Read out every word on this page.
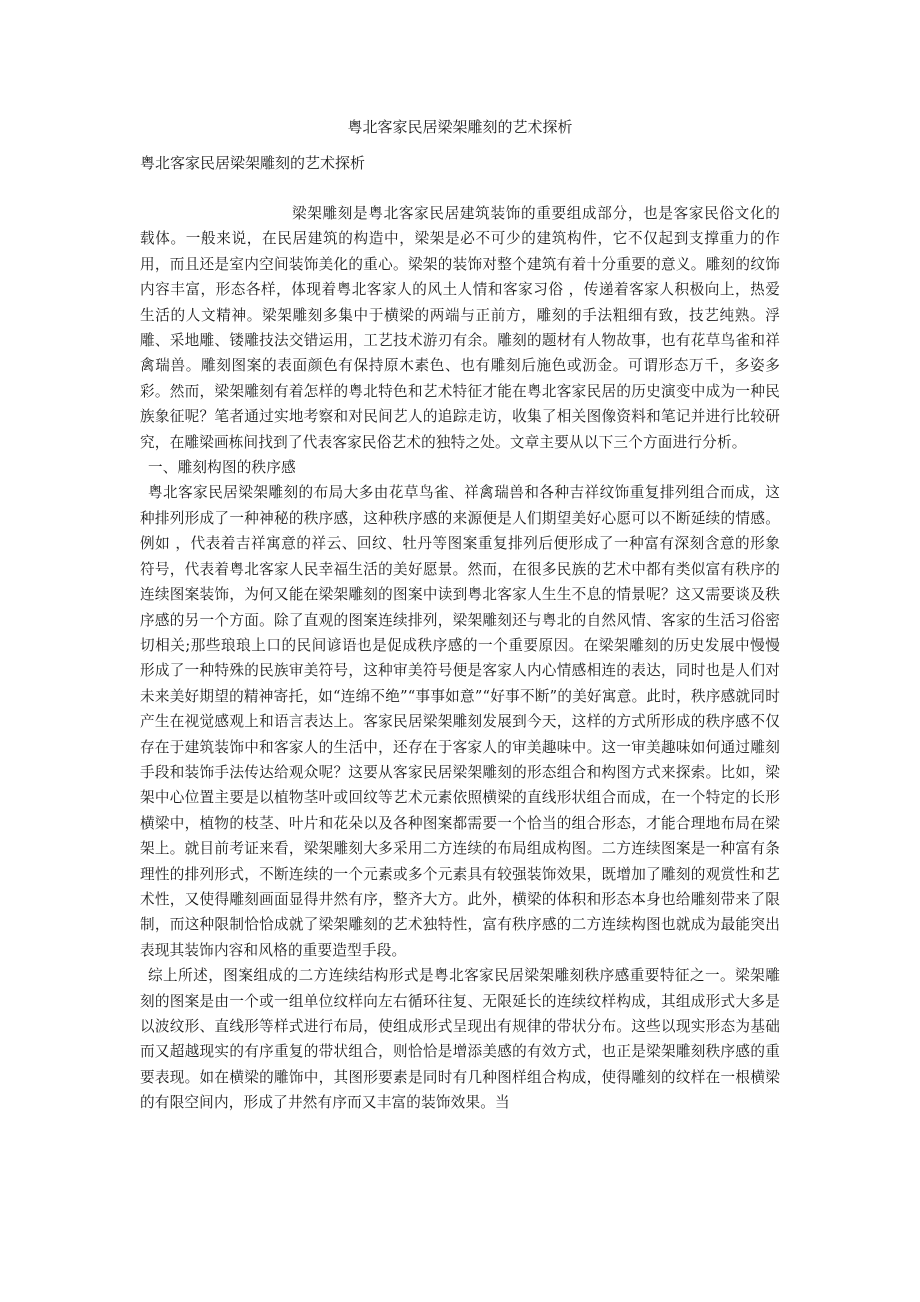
粤北客家民居梁架雕刻的艺术探析
粤北客家民居梁架雕刻的艺术探析

梁架雕刻是粤北客家民居建筑装饰的重要组成部分，也是客家民俗文化的载体。一般来说，在民居建筑的构造中，梁架是必不可少的建筑构件，它不仅起到支撑重力的作用，而且还是室内空间装饰美化的重心。梁架的装饰对整个建筑有着十分重要的意义。雕刻的纹饰内容丰富，形态各样，体现着粤北客家人的风土人情和客家习俗 ，传递着客家人积极向上，热爱生活的人文精神。梁架雕刻多集中于横梁的两端与正前方，雕刻的手法粗细有致，技艺纯熟。浮雕、采地雕、镂雕技法交错运用，工艺技术游刃有余。雕刻的题材有人物故事，也有花草鸟雀和祥禽瑞兽。雕刻图案的表面颜色有保持原木素色、也有雕刻后施色或沥金。可谓形态万千，多姿多彩。然而，梁架雕刻有着怎样的粤北特色和艺术特征才能在粤北客家民居的历史演变中成为一种民族象征呢？笔者通过实地考察和对民间艺人的追踪走访，收集了相关图像资料和笔记并进行比较研究，在雕梁画栋间找到了代表客家民俗艺术的独特之处。文章主要从以下三个方面进行分析。

一、雕刻构图的秩序感

粤北客家民居梁架雕刻的布局大多由花草鸟雀、祥禽瑞兽和各种吉祥纹饰重复排列组合而成，这种排列形成了一种神秘的秩序感，这种秩序感的来源便是人们期望美好心愿可以不断延续的情感。例如 ，代表着吉祥寓意的祥云、回纹、牡丹等图案重复排列后便形成了一种富有深刻含意的形象符号，代表着粤北客家人民幸福生活的美好愿景。然而，在很多民族的艺术中都有类似富有秩序的连续图案装饰，为何又能在梁架雕刻的图案中读到粤北客家人生生不息的情景呢？这又需要谈及秩序感的另一个方面。除了直观的图案连续排列，梁架雕刻还与粤北的自然风情、客家的生活习俗密切相关;那些琅琅上口的民间谚语也是促成秩序感的一个重要原因。在梁架雕刻的历史发展中慢慢形成了一种特殊的民族审美符号，这种审美符号便是客家人内心情感相连的表达，同时也是人们对未来美好期望的精神寄托，如“连绵不绝”“事事如意”“好事不断”的美好寓意。此时，秩序感就同时产生在视觉感观上和语言表达上。客家民居梁架雕刻发展到今天，这样的方式所形成的秩序感不仅存在于建筑装饰中和客家人的生活中，还存在于客家人的审美趣味中。这一审美趣味如何通过雕刻手段和装饰手法传达给观众呢？这要从客家民居梁架雕刻的形态组合和构图方式来探索。比如，梁架中心位置主要是以植物茎叶或回纹等艺术元素依照横梁的直线形状组合而成，在一个特定的长形横梁中，植物的枝茎、叶片和花朵以及各种图案都需要一个恰当的组合形态，才能合理地布局在梁架上。就目前考证来看，梁架雕刻大多采用二方连续的布局组成构图。二方连续图案是一种富有条理性的排列形式，不断连续的一个元素或多个元素具有较强装饰效果，既增加了雕刻的观赏性和艺术性，又使得雕刻画面显得井然有序，整齐大方。此外，横梁的体积和形态本身也给雕刻带来了限制，而这种限制恰恰成就了梁架雕刻的艺术独特性，富有秩序感的二方连续构图也就成为最能突出表现其装饰内容和风格的重要造型手段。

综上所述，图案组成的二方连续结构形式是粤北客家民居梁架雕刻秩序感重要特征之一。梁架雕刻的图案是由一个或一组单位纹样向左右循环往复、无限延长的连续纹样构成，其组成形式大多是以波纹形、直线形等样式进行布局，使组成形式呈现出有规律的带状分布。这些以现实形态为基础而又超越现实的有序重复的带状组合，则恰恰是增添美感的有效方式，也正是梁架雕刻秩序感的重要表现。如在横梁的雕饰中，其图形要素是同时有几种图样组合构成，使得雕刻的纹样在一根横梁的有限空间内，形成了井然有序而又丰富的装饰效果。当
